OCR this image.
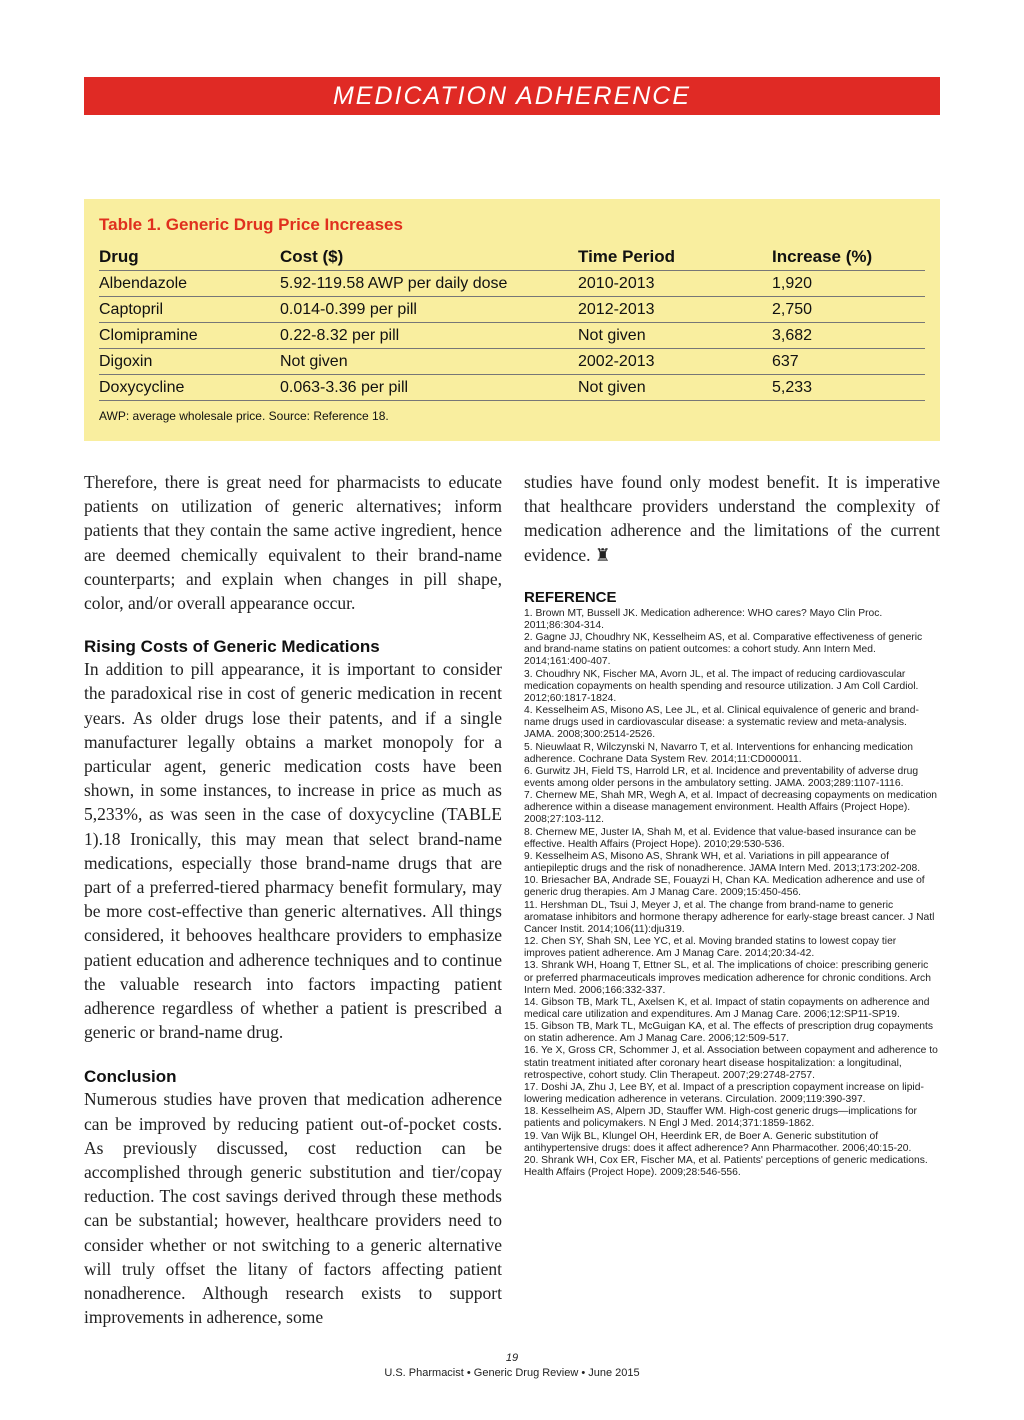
MEDICATION ADHERENCE
Table 1. Generic Drug Price Increases
Drug	Cost ($)	Time Period	Increase (%)
Albendazole	5.92-119.58 AWP per daily dose	2010-2013	1,920
Captopril	0.014-0.399 per pill	2012-2013	2,750
Clomipramine	0.22-8.32 per pill	Not given	3,682
Digoxin	Not given	2002-2013	637
Doxycycline	0.063-3.36 per pill	Not given	5,233
AWP: average wholesale price. Source: Reference 18.

Therefore, there is great need for pharmacists to educate patients on utilization of generic alternatives; inform patients that they contain the same active ingredient, hence are deemed chemically equivalent to their brand-name counterparts; and explain when changes in pill shape, color, and/or overall appearance occur.

Rising Costs of Generic Medications

In addition to pill appearance, it is important to consider the paradoxical rise in cost of generic medication in recent years. As older drugs lose their patents, and if a single manufacturer legally obtains a market monopoly for a particular agent, generic medication costs have been shown, in some instances, to increase in price as much as 5,233%, as was seen in the case of doxycycline (TABLE 1).18 Ironically, this may mean that select brand-name medications, especially those brand-name drugs that are part of a preferred-tiered pharmacy benefit formulary, may be more cost-effective than generic alternatives. All things considered, it behooves healthcare providers to emphasize patient education and adherence techniques and to continue the valuable research into factors impacting patient adherence regardless of whether a patient is prescribed a generic or brand-name drug.

Conclusion

Numerous studies have proven that medication adherence can be improved by reducing patient out-of-pocket costs. As previously discussed, cost reduction can be accomplished through generic substitution and tier/copay reduction. The cost savings derived through these methods can be substantial; however, healthcare providers need to consider whether or not switching to a generic alternative will truly offset the litany of factors affecting patient nonadherence. Although research exists to support improvements in adherence, some

studies have found only modest benefit. It is imperative that healthcare providers understand the complexity of medication adherence and the limitations of the current evidence. ♜

REFERENCE
1. Brown MT, Bussell JK. Medication adherence: WHO cares? Mayo Clin Proc. 2011;86:304-314.
2. Gagne JJ, Choudhry NK, Kesselheim AS, et al. Comparative effectiveness of generic and brand-name statins on patient outcomes: a cohort study. Ann Intern Med. 2014;161:400-407.
3. Choudhry NK, Fischer MA, Avorn JL, et al. The impact of reducing cardiovascular medication copayments on health spending and resource utilization. J Am Coll Cardiol. 2012;60:1817-1824.
4. Kesselheim AS, Misono AS, Lee JL, et al. Clinical equivalence of generic and brand-name drugs used in cardiovascular disease: a systematic review and meta-analysis. JAMA. 2008;300:2514-2526.
5. Nieuwlaat R, Wilczynski N, Navarro T, et al. Interventions for enhancing medication adherence. Cochrane Data System Rev. 2014;11:CD000011.
6. Gurwitz JH, Field TS, Harrold LR, et al. Incidence and preventability of adverse drug events among older persons in the ambulatory setting. JAMA. 2003;289:1107-1116.
7. Chernew ME, Shah MR, Wegh A, et al. Impact of decreasing copayments on medication adherence within a disease management environment. Health Affairs (Project Hope). 2008;27:103-112.
8. Chernew ME, Juster IA, Shah M, et al. Evidence that value-based insurance can be effective. Health Affairs (Project Hope). 2010;29:530-536.
9. Kesselheim AS, Misono AS, Shrank WH, et al. Variations in pill appearance of antiepileptic drugs and the risk of nonadherence. JAMA Intern Med. 2013;173:202-208.
10. Briesacher BA, Andrade SE, Fouayzi H, Chan KA. Medication adherence and use of generic drug therapies. Am J Manag Care. 2009;15:450-456.
11. Hershman DL, Tsui J, Meyer J, et al. The change from brand-name to generic aromatase inhibitors and hormone therapy adherence for early-stage breast cancer. J Natl Cancer Instit. 2014;106(11):dju319.
12. Chen SY, Shah SN, Lee YC, et al. Moving branded statins to lowest copay tier improves patient adherence. Am J Manag Care. 2014;20:34-42.
13. Shrank WH, Hoang T, Ettner SL, et al. The implications of choice: prescribing generic or preferred pharmaceuticals improves medication adherence for chronic conditions. Arch Intern Med. 2006;166:332-337.
14. Gibson TB, Mark TL, Axelsen K, et al. Impact of statin copayments on adherence and medical care utilization and expenditures. Am J Manag Care. 2006;12:SP11-SP19.
15. Gibson TB, Mark TL, McGuigan KA, et al. The effects of prescription drug copayments on statin adherence. Am J Manag Care. 2006;12:509-517.
16. Ye X, Gross CR, Schommer J, et al. Association between copayment and adherence to statin treatment initiated after coronary heart disease hospitalization: a longitudinal, retrospective, cohort study. Clin Therapeut. 2007;29:2748-2757.
17. Doshi JA, Zhu J, Lee BY, et al. Impact of a prescription copayment increase on lipid-lowering medication adherence in veterans. Circulation. 2009;119:390-397.
18. Kesselheim AS, Alpern JD, Stauffer WM. High-cost generic drugs—implications for patients and policymakers. N Engl J Med. 2014;371:1859-1862.
19. Van Wijk BL, Klungel OH, Heerdink ER, de Boer A. Generic substitution of antihypertensive drugs: does it affect adherence? Ann Pharmacother. 2006;40:15-20.
20. Shrank WH, Cox ER, Fischer MA, et al. Patients' perceptions of generic medications. Health Affairs (Project Hope). 2009;28:546-556.
19
U.S. Pharmacist • Generic Drug Review • June 2015
